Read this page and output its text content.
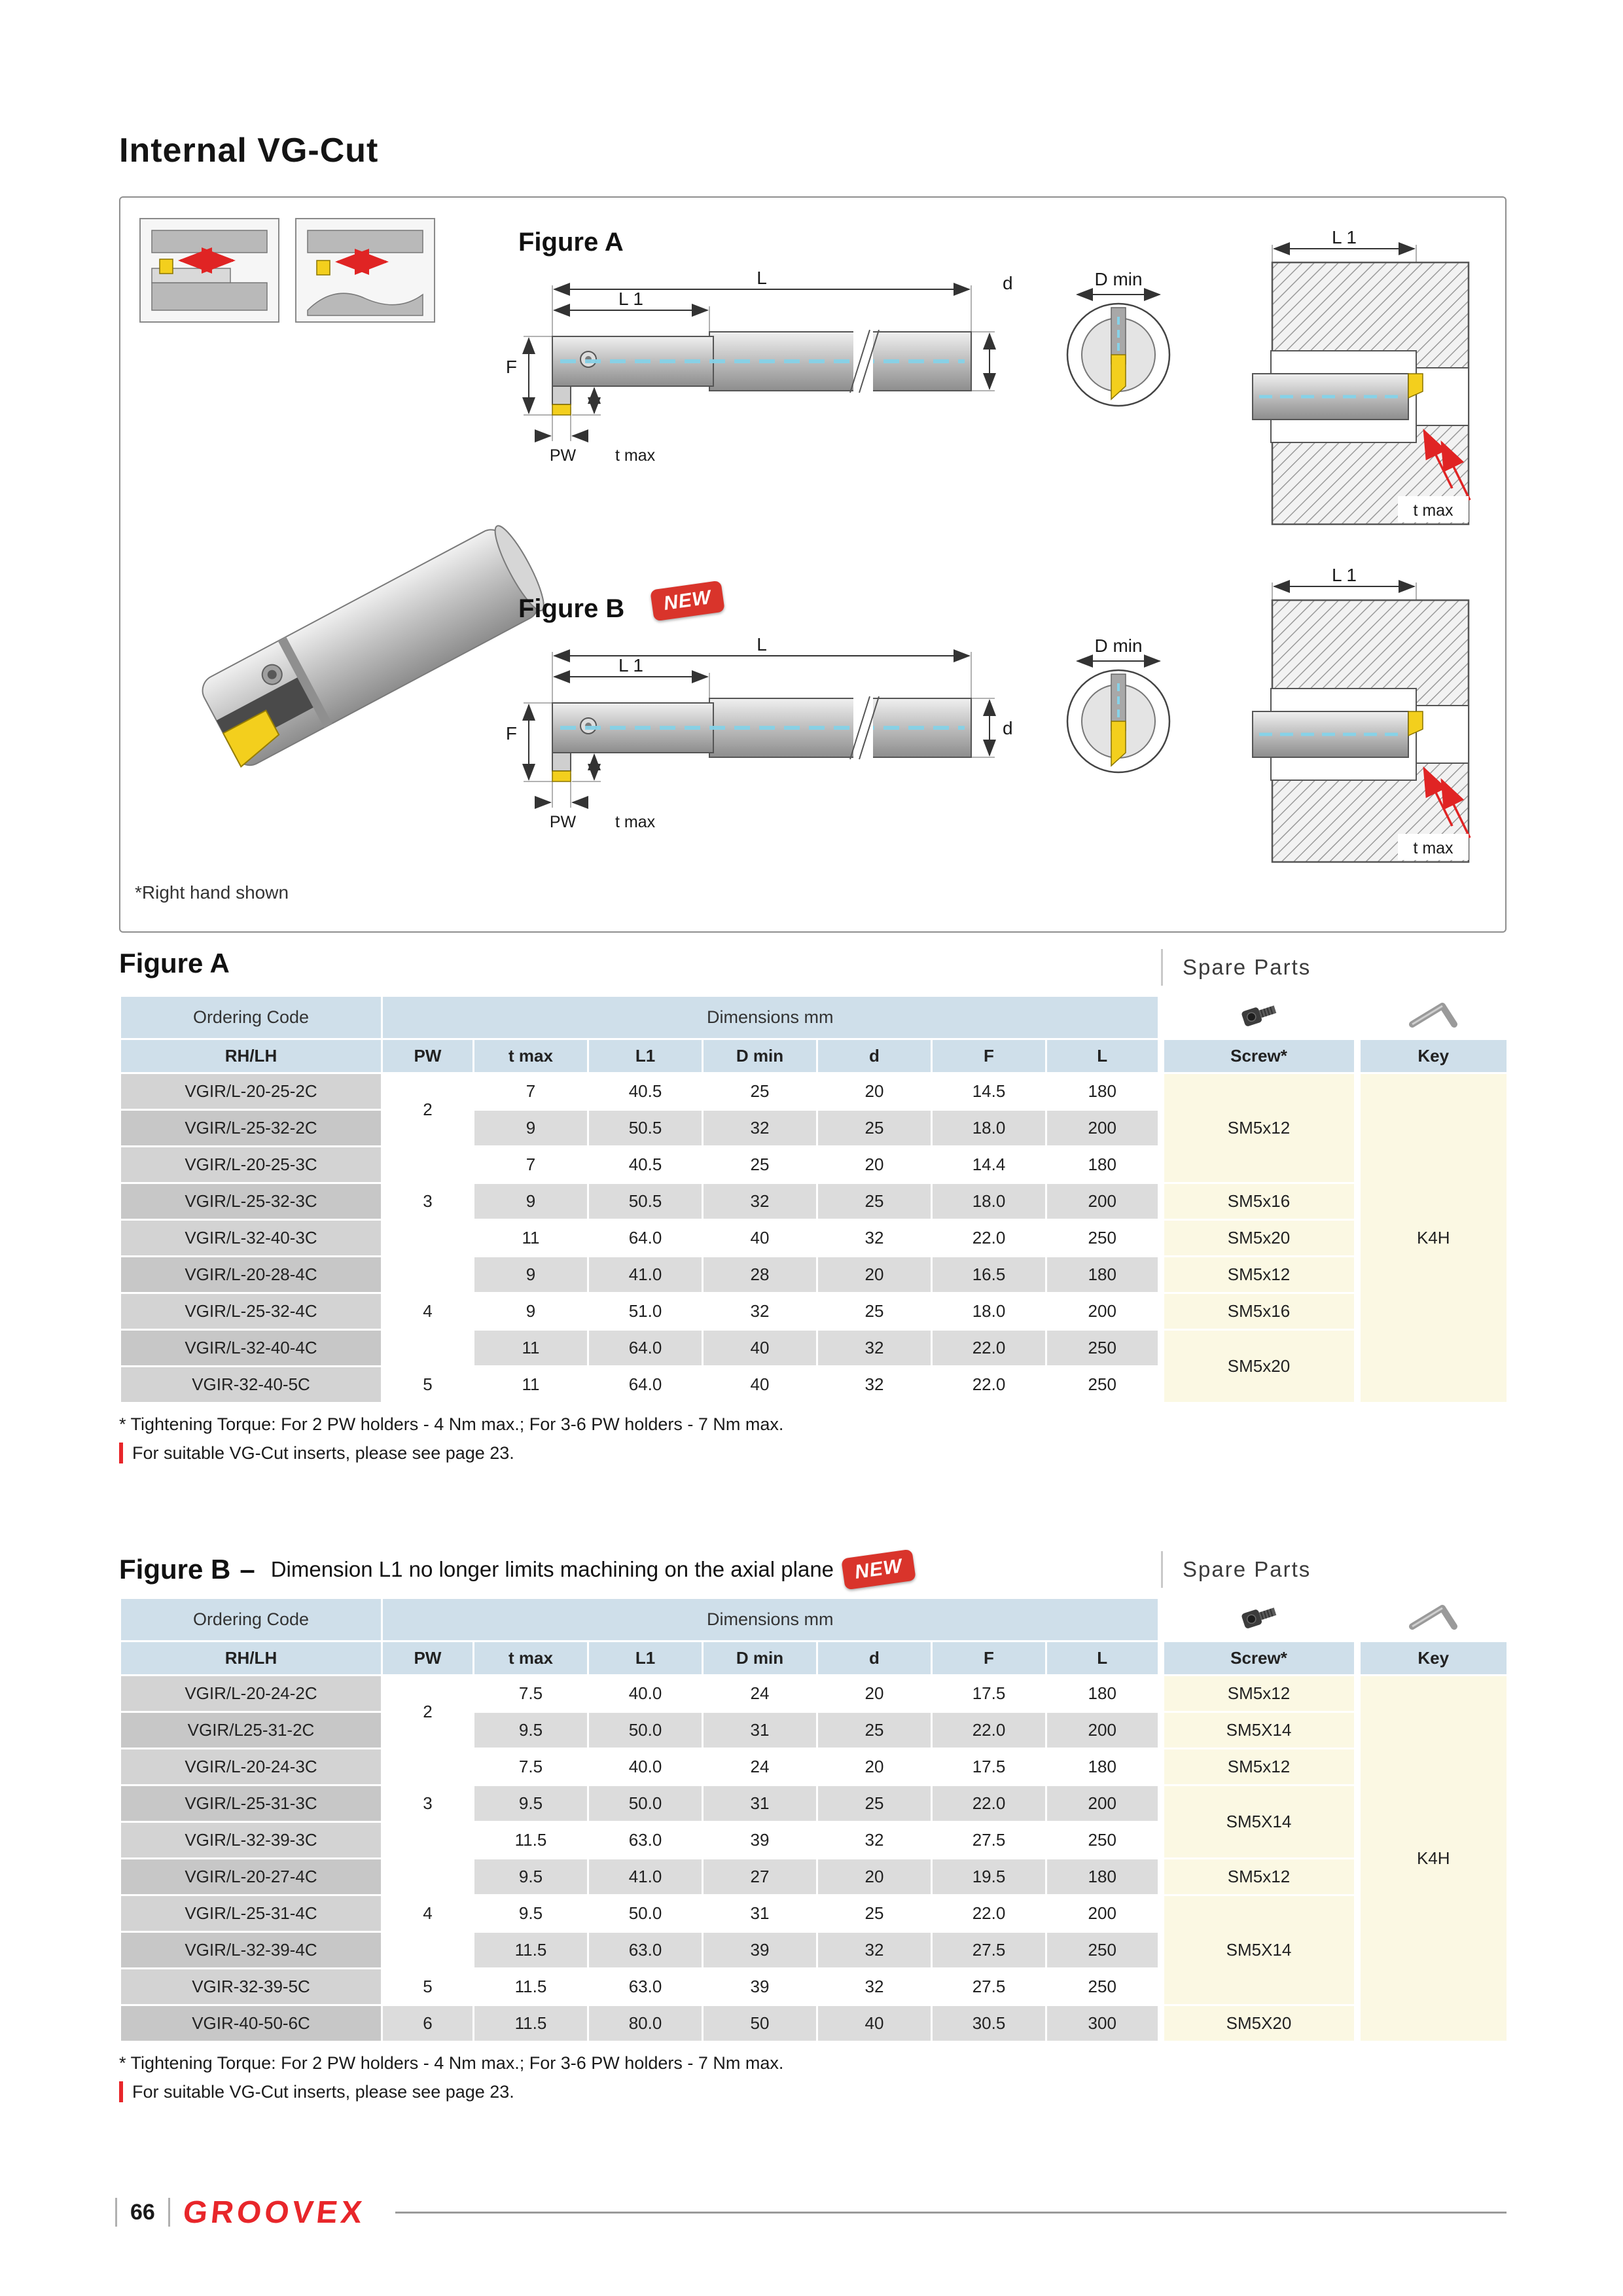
Internal VG-Cut
L
L 1
d
F
PW t max
D min
L 1
t max
L
L 1
d
F
PW t max
D min
L 1
t max
Figure A
Figure B	NEW
*Right hand shown
Figure A	Spare Parts
Ordering Code	Dimensions mm		
RH/LH	PW	t max	L1	D min	d	F	L	Screw*	Key
VGIR/L-20-25-2C	2	7	40.5	25	20	14.5	180	SM5x12	K4H
VGIR/L-25-32-2C		9	50.5	32	25	18.0	200		
VGIR/L-20-25-3C	3	7	40.5	25	20	14.4	180		
VGIR/L-25-32-3C		9	50.5	32	25	18.0	200	SM5x16	
VGIR/L-32-40-3C		11	64.0	40	32	22.0	250	SM5x20	
VGIR/L-20-28-4C	4	9	41.0	28	20	16.5	180	SM5x12	
VGIR/L-25-32-4C		9	51.0	32	25	18.0	200	SM5x16	
VGIR/L-32-40-4C		11	64.0	40	32	22.0	250	SM5x20	
VGIR-32-40-5C	5	11	64.0	40	32	22.0	250		

* Tightening Torque: For 2 PW holders - 4 Nm max.; For 3-6 PW holders - 7 Nm max.

For suitable VG-Cut inserts, please see page 23.
Figure B – Dimension L1 no longer limits machining on the axial plane NEW	Spare Parts
Ordering Code	Dimensions mm		
RH/LH	PW	t max	L1	D min	d	F	L	Screw*	Key
VGIR/L-20-24-2C	2	7.5	40.0	24	20	17.5	180	SM5x12	K4H
VGIR/L25-31-2C		9.5	50.0	31	25	22.0	200	SM5X14	
VGIR/L-20-24-3C	3	7.5	40.0	24	20	17.5	180	SM5x12	
VGIR/L-25-31-3C		9.5	50.0	31	25	22.0	200	SM5X14	
VGIR/L-32-39-3C		11.5	63.0	39	32	27.5	250		
VGIR/L-20-27-4C	4	9.5	41.0	27	20	19.5	180	SM5x12	
VGIR/L-25-31-4C		9.5	50.0	31	25	22.0	200	SM5X14	
VGIR/L-32-39-4C		11.5	63.0	39	32	27.5	250		
VGIR-32-39-5C	5	11.5	63.0	39	32	27.5	250		
VGIR-40-50-6C	6	11.5	80.0	50	40	30.5	300	SM5X20	

* Tightening Torque: For 2 PW holders - 4 Nm max.; For 3-6 PW holders - 7 Nm max.

For suitable VG-Cut inserts, please see page 23.
66 GROOVEX
